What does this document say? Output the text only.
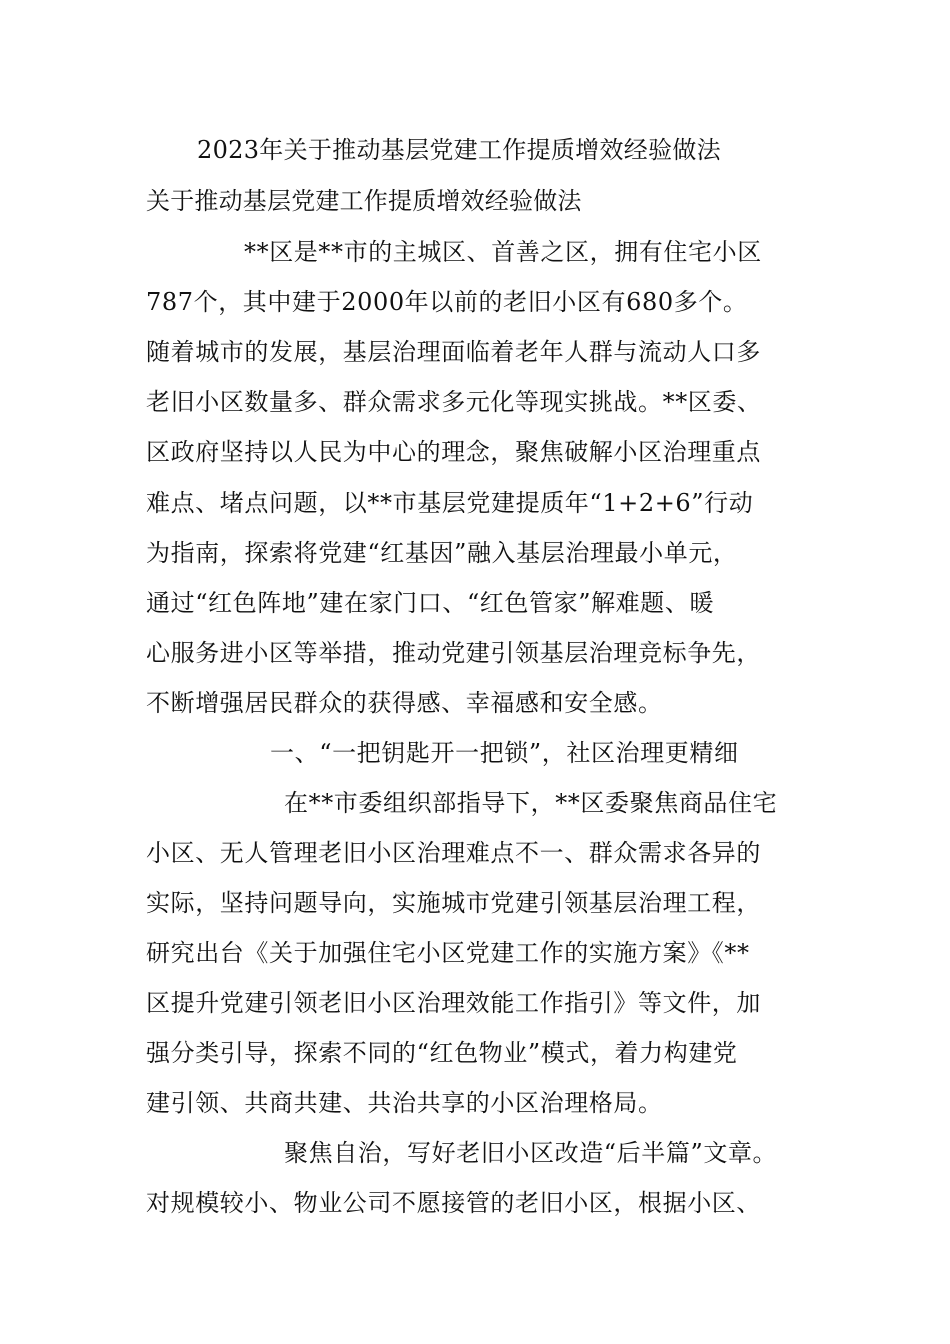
2023年关于推动基层党建工作提质增效经验做法
关于推动基层党建工作提质增效经验做法
**区是**市的主城区、首善之区，拥有住宅小区
787个，其中建于2000年以前的老旧小区有680多个。
随着城市的发展，基层治理面临着老年人群与流动人口多
老旧小区数量多、群众需求多元化等现实挑战。**区委、
区政府坚持以人民为中心的理念，聚焦破解小区治理重点
难点、堵点问题，以**市基层党建提质年“1+2+6”行动
为指南，探索将党建“红基因”融入基层治理最小单元，
通过“红色阵地”建在家门口、“红色管家”解难题、暖
心服务进小区等举措，推动党建引领基层治理竞标争先，
不断增强居民群众的获得感、幸福感和安全感。
一、“一把钥匙开一把锁”，社区治理更精细
在**市委组织部指导下，**区委聚焦商品住宅
小区、无人管理老旧小区治理难点不一、群众需求各异的
实际，坚持问题导向，实施城市党建引领基层治理工程，
研究出台《关于加强住宅小区党建工作的实施方案》《**
区提升党建引领老旧小区治理效能工作指引》等文件，加
强分类引导，探索不同的“红色物业”模式，着力构建党
建引领、共商共建、共治共享的小区治理格局。
聚焦自治，写好老旧小区改造“后半篇”文章。
对规模较小、物业公司不愿接管的老旧小区，根据小区、
